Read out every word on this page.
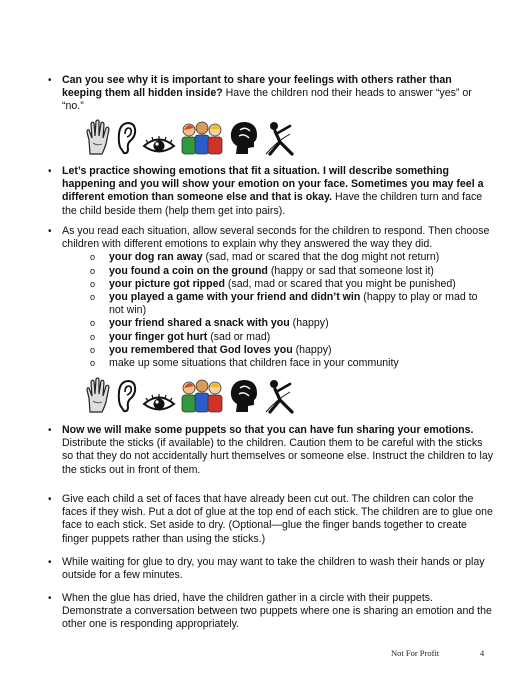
• Can you see why it is important to share your feelings with others rather than keeping them all hidden inside? Have the children nod their heads to answer “yes” or “no.”

• Let’s practice showing emotions that fit a situation. I will describe something happening and you will show your emotion on your face. Sometimes you may feel a different emotion than someone else and that is okay. Have the children turn and face the child beside them (help them get into pairs).

• As you read each situation, allow several seconds for the children to respond. Then choose children with different emotions to explain why they answered the way they did.

o your dog ran away (sad, mad or scared that the dog might not return)
o you found a coin on the ground (happy or sad that someone lost it)
o your picture got ripped (sad, mad or scared that you might be punished)
o you played a game with your friend and didn’t win (happy to play or mad to not win)
o your friend shared a snack with you (happy)
o your finger got hurt (sad or mad)
o you remembered that God loves you (happy)
o make up some situations that children face in your community
• Now we will make some puppets so that you can have fun sharing your emotions. Distribute the sticks (if available) to the children. Caution them to be careful with the sticks so that they do not accidentally hurt themselves or someone else. Instruct the children to lay the sticks out in front of them.

• Give each child a set of faces that have already been cut out. The children can color the faces if they wish. Put a dot of glue at the top end of each stick. The children are to glue one face to each stick. Set aside to dry. (Optional—glue the finger bands together to create finger puppets rather than using the sticks.)

• While waiting for glue to dry, you may want to take the children to wash their hands or play outside for a few minutes.

• When the glue has dried, have the children gather in a circle with their puppets. Demonstrate a conversation between two puppets where one is sharing an emotion and the other one is responding appropriately.

Not For Profit	4
